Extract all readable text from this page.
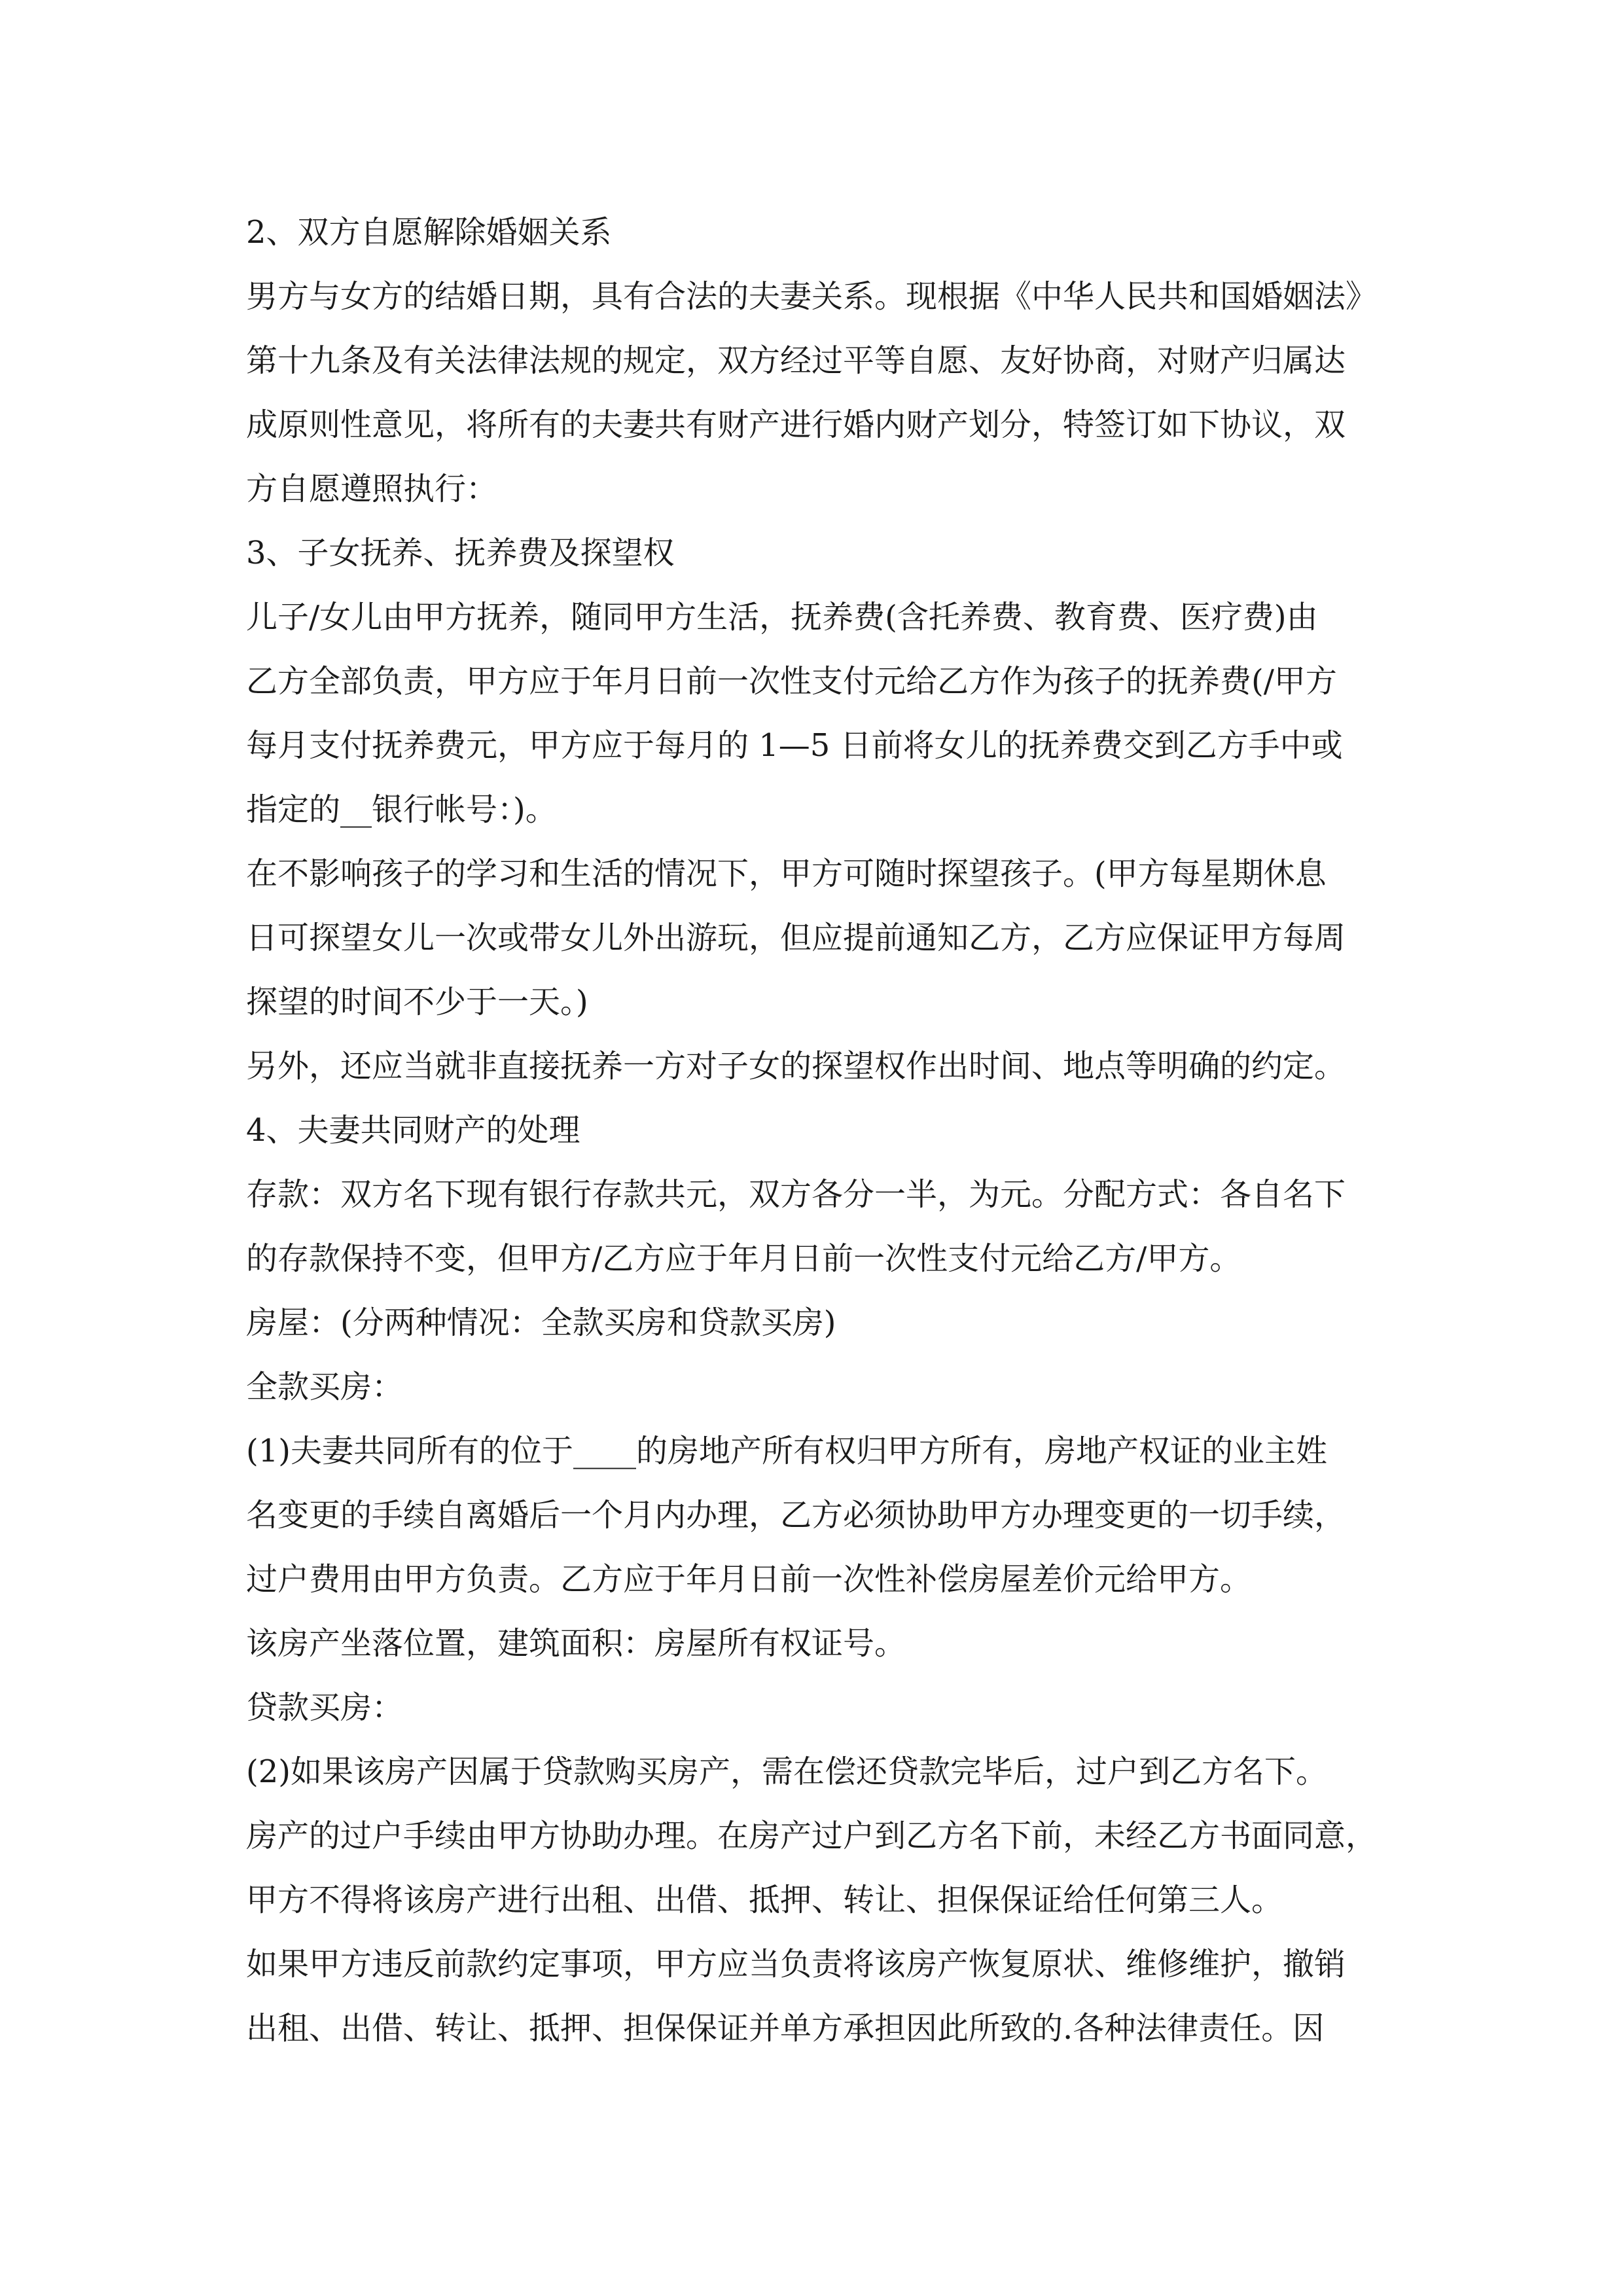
2、双方自愿解除婚姻关系

男方与女方的结婚日期，具有合法的夫妻关系。现根据《中华人民共和国婚姻法》

第十九条及有关法律法规的规定，双方经过平等自愿、友好协商，对财产归属达

成原则性意见，将所有的夫妻共有财产进行婚内财产划分，特签订如下协议，双

方自愿遵照执行：

3、子女抚养、抚养费及探望权

儿子/女儿由甲方抚养，随同甲方生活，抚养费(含托养费、教育费、医疗费)由

乙方全部负责，甲方应于年月日前一次性支付元给乙方作为孩子的抚养费(/甲方

每月支付抚养费元，甲方应于每月的 1—5 日前将女儿的抚养费交到乙方手中或

指定的__银行帐号：)。

在不影响孩子的学习和生活的情况下，甲方可随时探望孩子。(甲方每星期休息

日可探望女儿一次或带女儿外出游玩，但应提前通知乙方，乙方应保证甲方每周

探望的时间不少于一天。)

另外，还应当就非直接抚养一方对子女的探望权作出时间、地点等明确的约定。

4、夫妻共同财产的处理

存款：双方名下现有银行存款共元，双方各分一半，为元。分配方式：各自名下

的存款保持不变，但甲方/乙方应于年月日前一次性支付元给乙方/甲方。

房屋：(分两种情况：全款买房和贷款买房)

全款买房：

(1)夫妻共同所有的位于____的房地产所有权归甲方所有，房地产权证的业主姓

名变更的手续自离婚后一个月内办理，乙方必须协助甲方办理变更的一切手续，

过户费用由甲方负责。乙方应于年月日前一次性补偿房屋差价元给甲方。

该房产坐落位置，建筑面积：房屋所有权证号。

贷款买房：

(2)如果该房产因属于贷款购买房产，需在偿还贷款完毕后，过户到乙方名下。

房产的过户手续由甲方协助办理。在房产过户到乙方名下前，未经乙方书面同意，

甲方不得将该房产进行出租、出借、抵押、转让、担保保证给任何第三人。

如果甲方违反前款约定事项，甲方应当负责将该房产恢复原状、维修维护，撤销

出租、出借、转让、抵押、担保保证并单方承担因此所致的.各种法律责任。因
